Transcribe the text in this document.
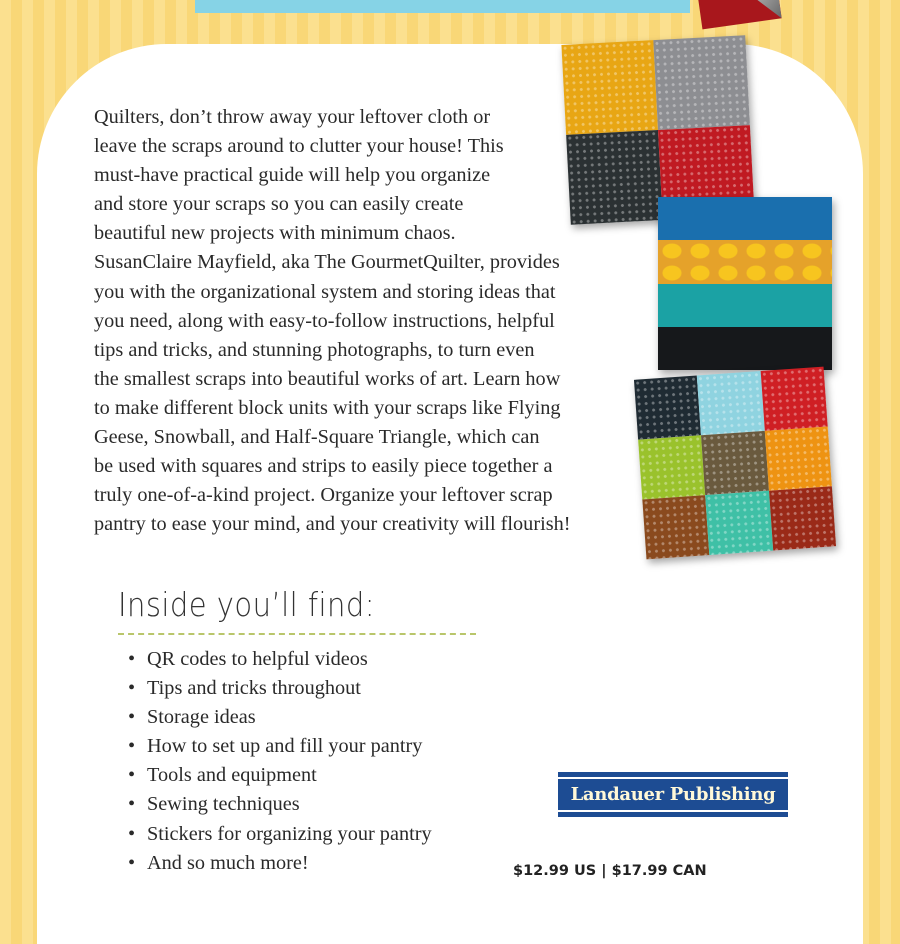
Quilters, don’t throw away your leftover cloth or
leave the scraps around to clutter your house! This
must-have practical guide will help you organize
and store your scraps so you can easily create
beautiful new projects with minimum chaos.
SusanClaire Mayfield, aka The GourmetQuilter, provides
you with the organizational system and storing ideas that
you need, along with easy-to-follow instructions, helpful
tips and tricks, and stunning photographs, to turn even
the smallest scraps into beautiful works of art. Learn how
to make different block units with your scraps like Flying
Geese, Snowball, and Half-Square Triangle, which can
be used with squares and strips to easily piece together a
truly one-of-a-kind project. Organize your leftover scrap
pantry to ease your mind, and your creativity will flourish!
Inside you’ll find:
• QR codes to helpful videos
• Tips and tricks throughout
• Storage ideas
• How to set up and fill your pantry
• Tools and equipment
• Sewing techniques
• Stickers for organizing your pantry
• And so much more!
Landauer Publishing
$12.99 US | $17.99 CAN
